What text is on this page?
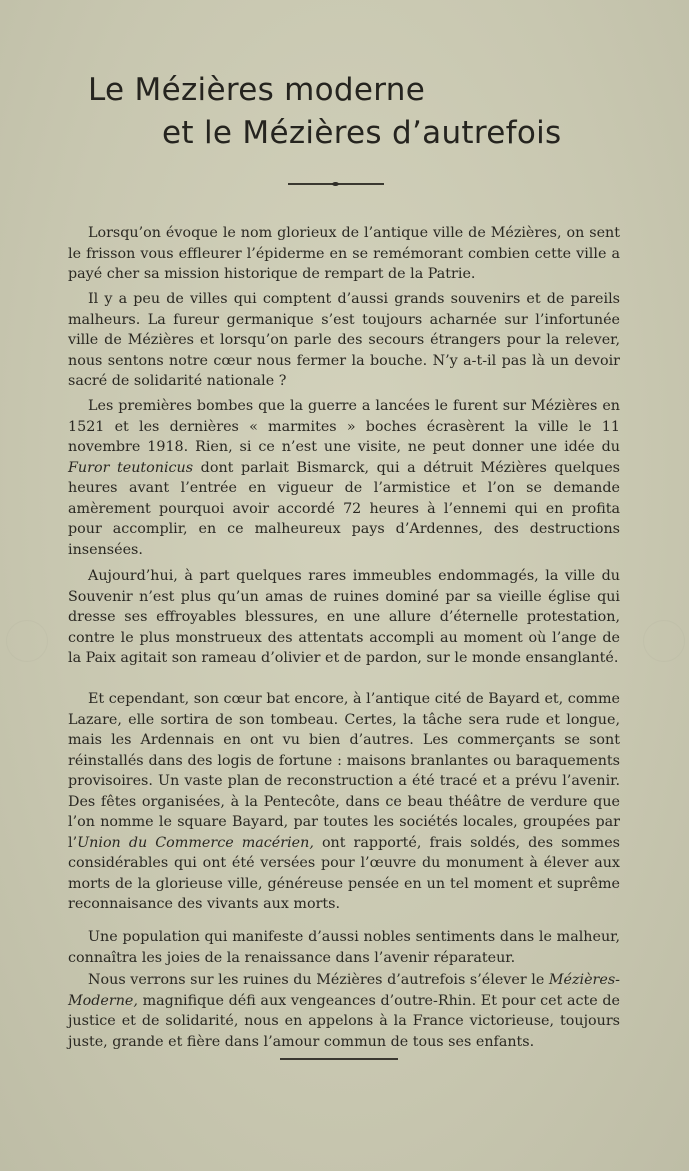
Le Mézières moderne
et le Mézières d’autrefois

Lorsqu’on évoque le nom glorieux de l’antique ville de Mézières, on sent le frisson vous effleurer l’épiderme en se remémorant combien cette ville a payé cher sa mission historique de rempart de la Patrie.

Il y a peu de villes qui comptent d’aussi grands souvenirs et de pareils malheurs. La fureur germanique s’est toujours acharnée sur l’infortunée ville de Mézières et lorsqu’on parle des secours étrangers pour la relever, nous sentons notre cœur nous fermer la bouche. N’y a-t-il pas là un devoir sacré de solidarité nationale ?

Les premières bombes que la guerre a lancées le furent sur Mézières en 1521 et les dernières « marmites » boches écrasèrent la ville le 11 novembre 1918. Rien, si ce n’est une visite, ne peut donner une idée du Furor teutonicus dont parlait Bismarck, qui a détruit Mézières quelques heures avant l’entrée en vigueur de l’armistice et l’on se demande amèrement pourquoi avoir accordé 72 heures à l’ennemi qui en profita pour accomplir, en ce malheureux pays d’Ardennes, des destructions insensées.

Aujourd’hui, à part quelques rares immeubles endommagés, la ville du Souvenir n’est plus qu’un amas de ruines dominé par sa vieille église qui dresse ses effroyables blessures, en une allure d’éternelle protestation, contre le plus monstrueux des attentats accompli au moment où l’ange de la Paix agitait son rameau d’olivier et de pardon, sur le monde ensanglanté.

Et cependant, son cœur bat encore, à l’antique cité de Bayard et, comme Lazare, elle sortira de son tombeau. Certes, la tâche sera rude et longue, mais les Ardennais en ont vu bien d’autres. Les commerçants se sont réinstallés dans des logis de fortune : maisons branlantes ou baraquements provisoires. Un vaste plan de reconstruction a été tracé et a prévu l’avenir. Des fêtes organisées, à la Pentecôte, dans ce beau théâtre de verdure que l’on nomme le square Bayard, par toutes les sociétés locales, groupées par l’Union du Commerce macérien, ont rapporté, frais soldés, des sommes considérables qui ont été versées pour l’œuvre du monument à élever aux morts de la glorieuse ville, généreuse pensée en un tel moment et suprême reconnaisance des vivants aux morts.

Une population qui manifeste d’aussi nobles sentiments dans le malheur, connaîtra les joies de la renaissance dans l’avenir réparateur.

Nous verrons sur les ruines du Mézières d’autrefois s’élever le Mézières-Moderne, magnifique défi aux vengeances d’outre-Rhin. Et pour cet acte de justice et de solidarité, nous en appelons à la France victorieuse, toujours juste, grande et fière dans l’amour commun de tous ses enfants.
